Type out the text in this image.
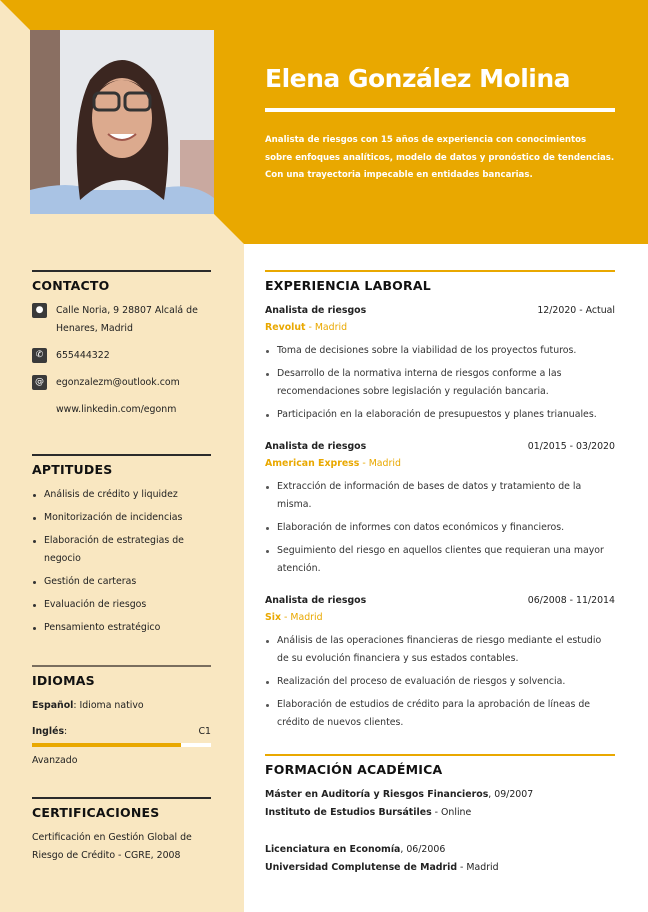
Elena González Molina
Analista de riesgos con 15 años de experiencia con conocimientos sobre enfoques analíticos, modelo de datos y pronóstico de tendencias. Con una trayectoria impecable en entidades bancarias.
CONTACTO
●	Calle Noria, 9 28807 Alcalá de Henares, Madrid
✆	655444322
@	egonzalezm@outlook.com
www.linkedin.com/egonm
APTITUDES
Análisis de crédito y liquidez
Monitorización de incidencias
Elaboración de estrategias de negocio
Gestión de carteras
Evaluación de riesgos
Pensamiento estratégico
IDIOMAS
Español: Idioma nativo
Inglés:	C1
Avanzado
CERTIFICACIONES
Certificación en Gestión Global de Riesgo de Crédito - CGRE, 2008
EXPERIENCIA LABORAL
Analista de riesgos	12/2020 - Actual
Revolut - Madrid
Toma de decisiones sobre la viabilidad de los proyectos futuros.
Desarrollo de la normativa interna de riesgos conforme a las recomendaciones sobre legislación y regulación bancaria.
Participación en la elaboración de presupuestos y planes trianuales.
Analista de riesgos	01/2015 - 03/2020
American Express - Madrid
Extracción de información de bases de datos y tratamiento de la misma.
Elaboración de informes con datos económicos y financieros.
Seguimiento del riesgo en aquellos clientes que requieran una mayor atención.
Analista de riesgos	06/2008 - 11/2014
Six - Madrid
Análisis de las operaciones financieras de riesgo mediante el estudio de su evolución financiera y sus estados contables.
Realización del proceso de evaluación de riesgos y solvencia.
Elaboración de estudios de crédito para la aprobación de líneas de crédito de nuevos clientes.
FORMACIÓN ACADÉMICA
Máster en Auditoría y Riesgos Financieros, 09/2007
Instituto de Estudios Bursátiles - Online
Licenciatura en Economía, 06/2006
Universidad Complutense de Madrid - Madrid
